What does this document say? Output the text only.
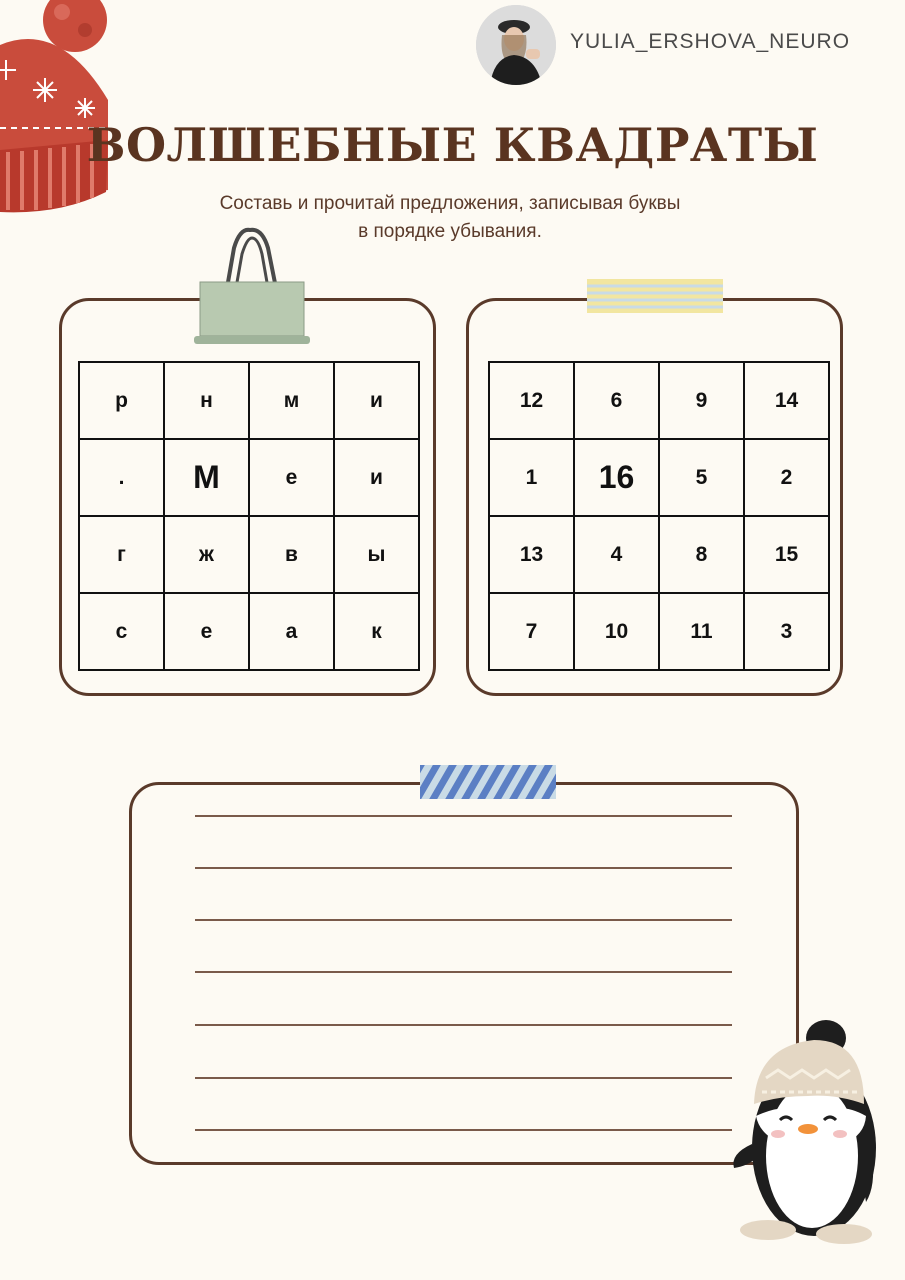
YULIA_ERSHOVA_NEURO
ВОЛШЕБНЫЕ КВАДРАТЫ
Составь и прочитай предложения, записывая буквы
в порядке убывания.
р	н	м	и
.	М	е	и
г	ж	в	ы
с	е	а	к
12	6	9	14
1	16	5	2
13	4	8	15
7	10	11	3
